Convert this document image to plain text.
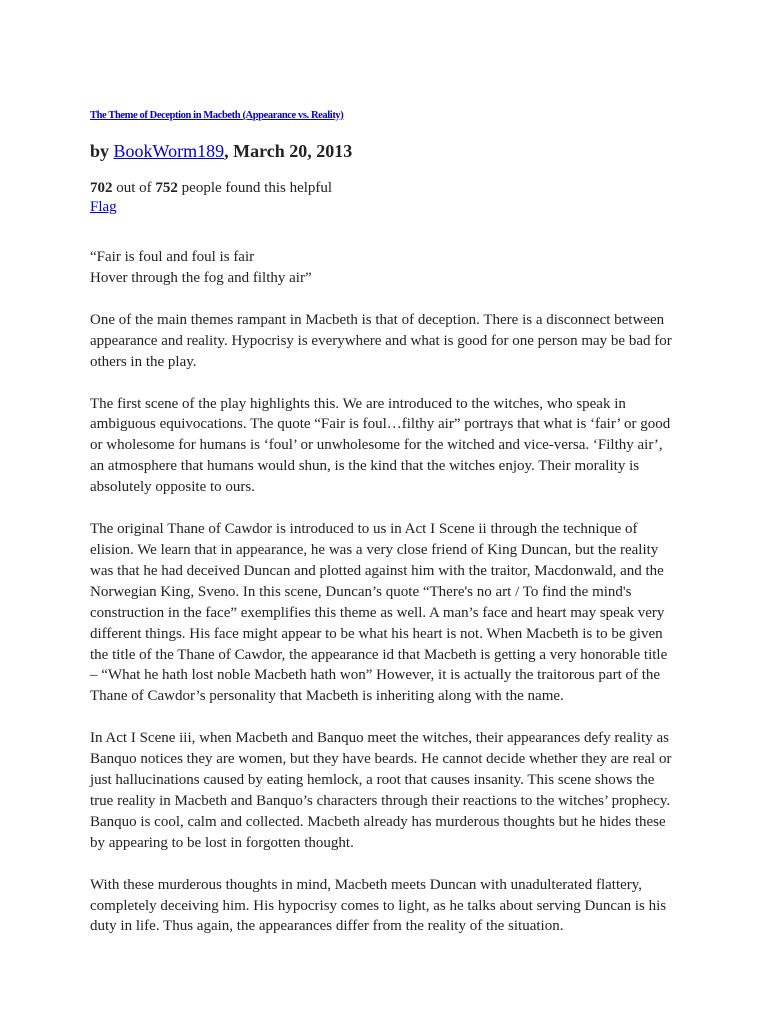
The Theme of Deception in Macbeth (Appearance vs. Reality)

by BookWorm189, March 20, 2013

702 out of 752 people found this helpful

Flag

“Fair is foul and foul is fair
Hover through the fog and filthy air”

One of the main themes rampant in Macbeth is that of deception. There is a disconnect between
appearance and reality. Hypocrisy is everywhere and what is good for one person may be bad for
others in the play.

The first scene of the play highlights this. We are introduced to the witches, who speak in
ambiguous equivocations. The quote “Fair is foul…filthy air” portrays that what is ‘fair’ or good
or wholesome for humans is ‘foul’ or unwholesome for the witched and vice-versa. ‘Filthy air’,
an atmosphere that humans would shun, is the kind that the witches enjoy. Their morality is
absolutely opposite to ours.

The original Thane of Cawdor is introduced to us in Act I Scene ii through the technique of
elision. We learn that in appearance, he was a very close friend of King Duncan, but the reality
was that he had deceived Duncan and plotted against him with the traitor, Macdonwald, and the
Norwegian King, Sveno. In this scene, Duncan’s quote “There's no art / To find the mind's
construction in the face” exemplifies this theme as well. A man’s face and heart may speak very
different things. His face might appear to be what his heart is not. When Macbeth is to be given
the title of the Thane of Cawdor, the appearance id that Macbeth is getting a very honorable title
– “What he hath lost noble Macbeth hath won” However, it is actually the traitorous part of the
Thane of Cawdor’s personality that Macbeth is inheriting along with the name.

In Act I Scene iii, when Macbeth and Banquo meet the witches, their appearances defy reality as
Banquo notices they are women, but they have beards. He cannot decide whether they are real or
just hallucinations caused by eating hemlock, a root that causes insanity. This scene shows the
true reality in Macbeth and Banquo’s characters through their reactions to the witches’ prophecy.
Banquo is cool, calm and collected. Macbeth already has murderous thoughts but he hides these
by appearing to be lost in forgotten thought.

With these murderous thoughts in mind, Macbeth meets Duncan with unadulterated flattery,
completely deceiving him. His hypocrisy comes to light, as he talks about serving Duncan is his
duty in life. Thus again, the appearances differ from the reality of the situation.
